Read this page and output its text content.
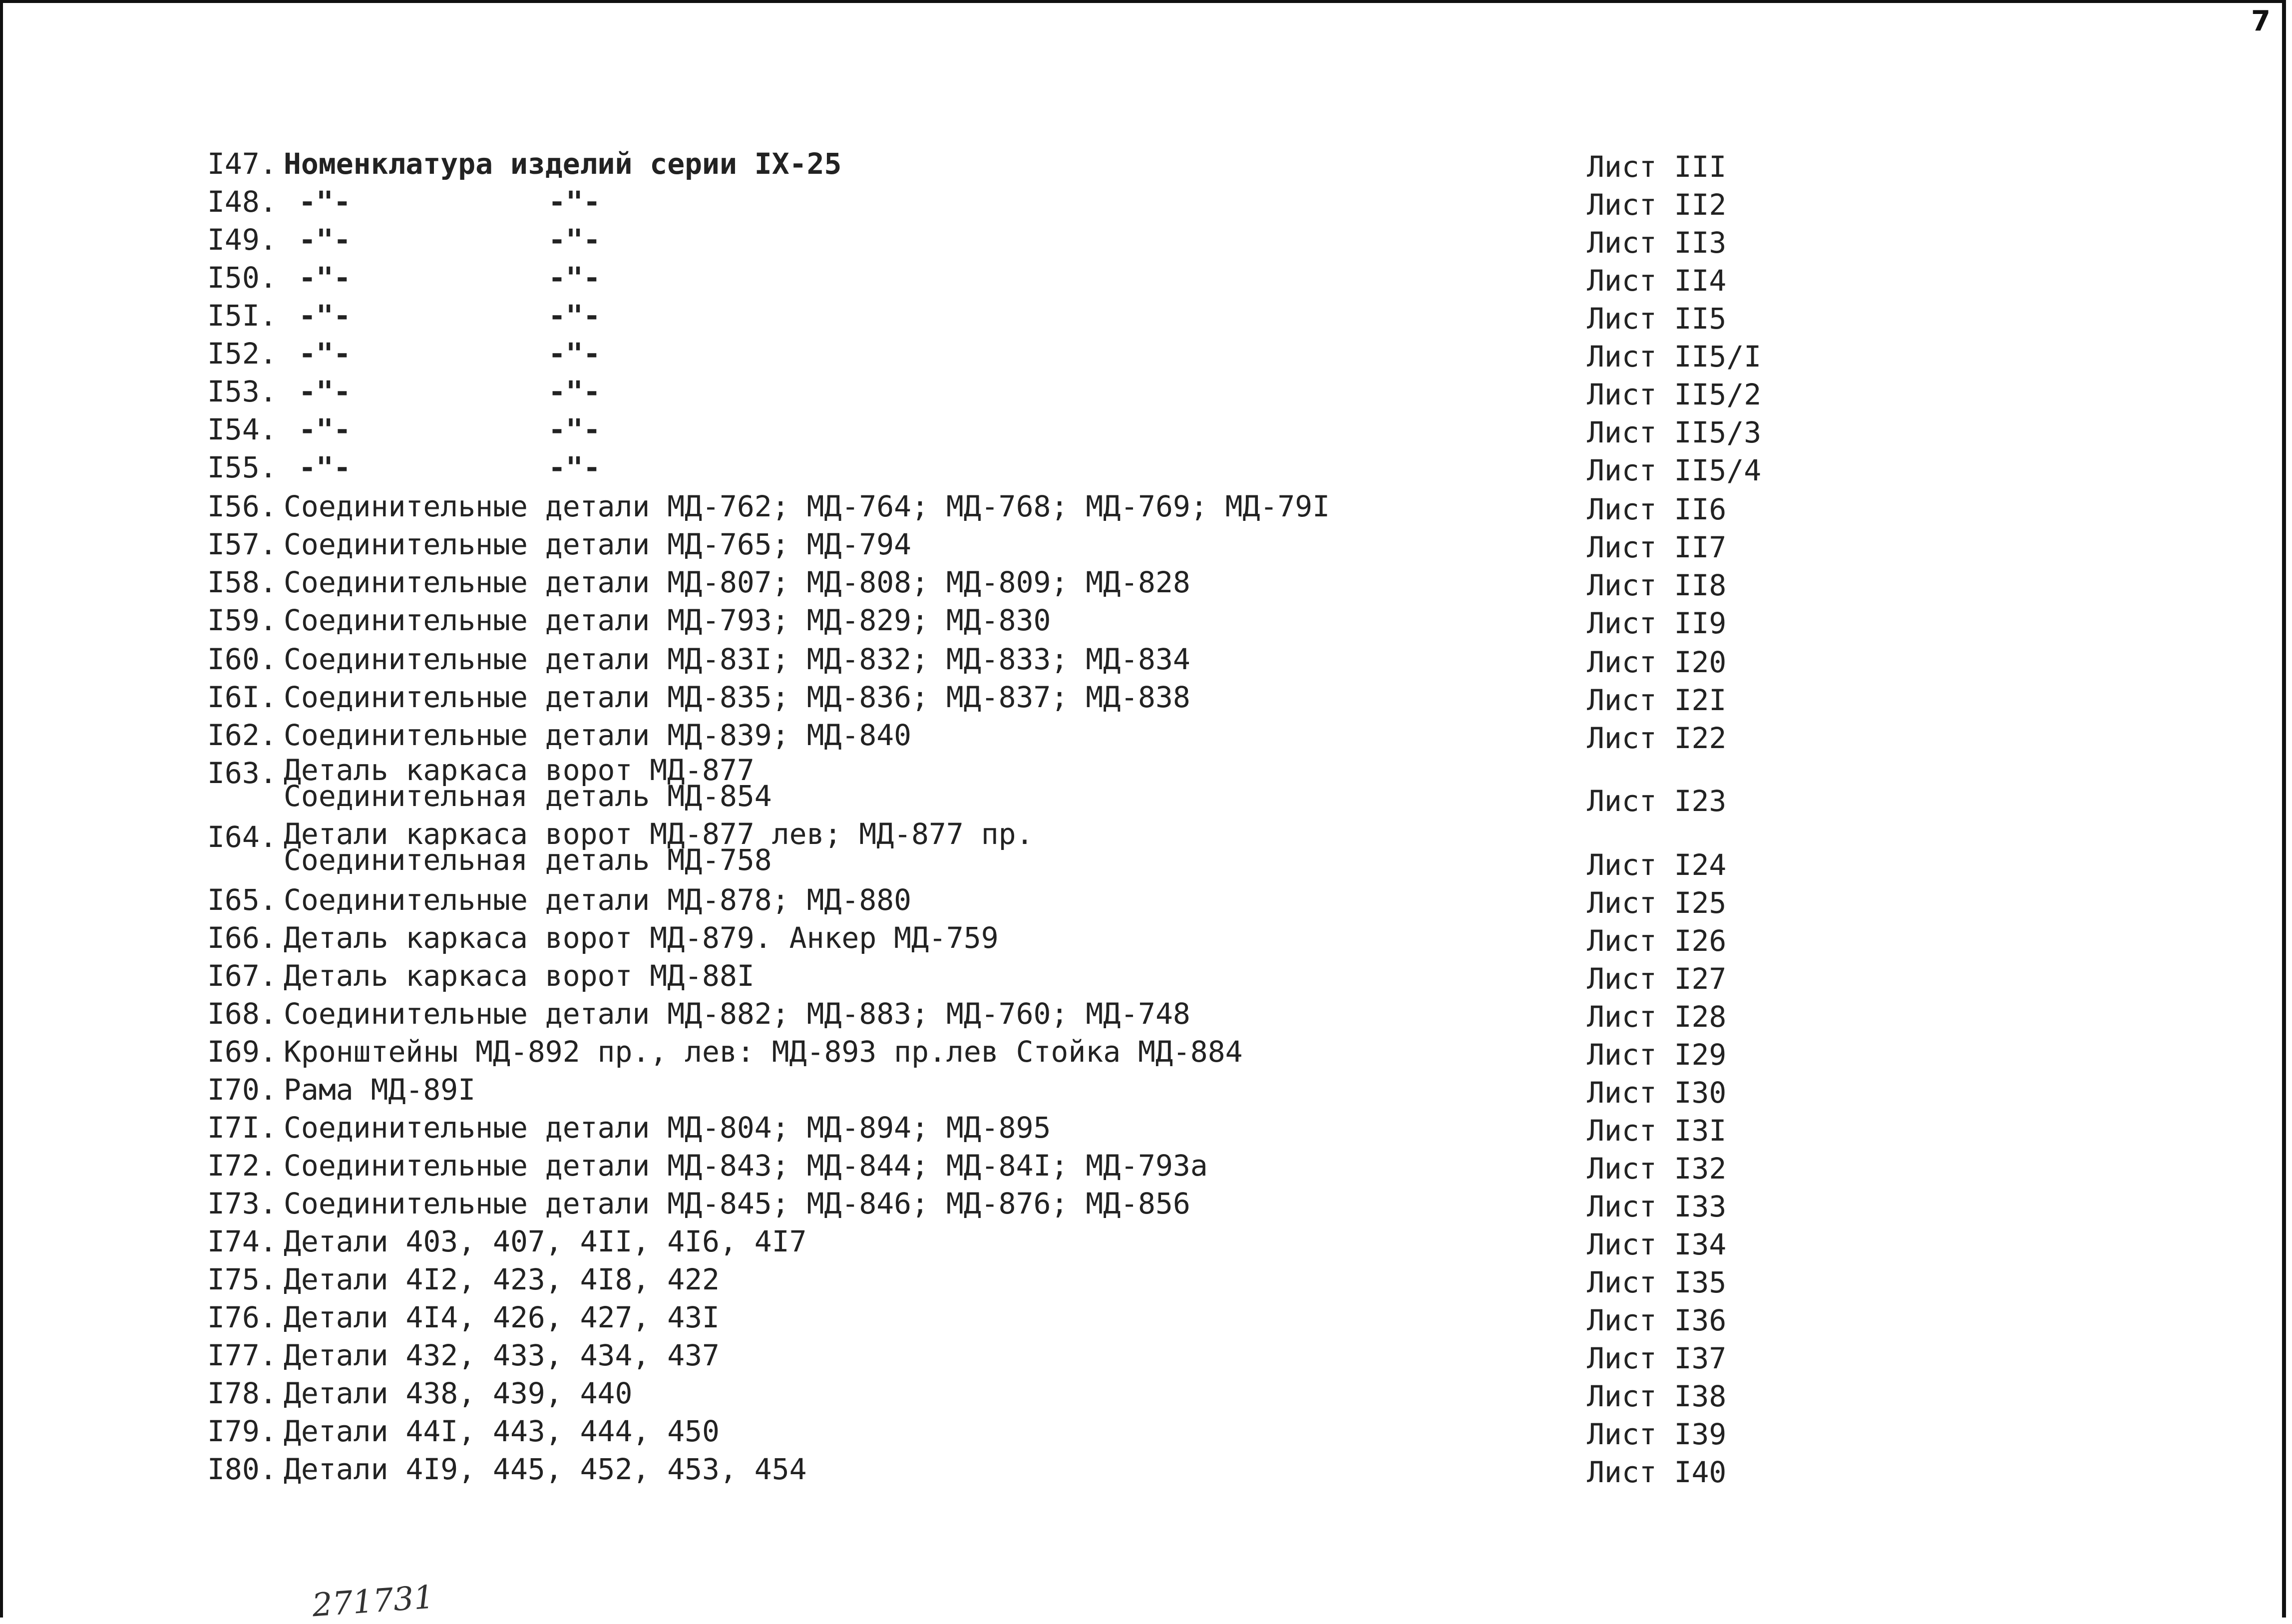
7
I47. Номенклатура изделий серии IX-25	Лист III
I48. -"-	-"-	Лист II2
I49. -"-	-"-	Лист II3
I50. -"-	-"-	Лист II4
I5I. -"-	-"-	Лист II5
I52. -"-	-"-	Лист II5/I
I53. -"-	-"-	Лист II5/2
I54. -"-	-"-	Лист II5/3
I55. -"-	-"-	Лист II5/4
I56. Соединительные детали МД-762; МД-764; МД-768; МД-769; МД-79I	Лист II6
I57. Соединительные детали МД-765; МД-794	Лист II7
I58. Соединительные детали МД-807; МД-808; МД-809; МД-828	Лист II8
I59. Соединительные детали МД-793; МД-829; МД-830	Лист II9
I60. Соединительные детали МД-83I; МД-832; МД-833; МД-834	Лист I20
I6I. Соединительные детали МД-835; МД-836; МД-837; МД-838	Лист I2I
I62. Соединительные детали МД-839; МД-840	Лист I22
I63. Деталь каркаса ворот МД-877
Соединительная деталь МД-854	Лист I23
I64. Детали каркаса ворот МД-877 лев; МД-877 пр.
Соединительная деталь МД-758	Лист I24
I65. Соединительные детали МД-878; МД-880	Лист I25
I66. Деталь каркаса ворот МД-879. Анкер МД-759	Лист I26
I67. Деталь каркаса ворот МД-88I	Лист I27
I68. Соединительные детали МД-882; МД-883; МД-760; МД-748	Лист I28
I69. Кронштейны МД-892 пр., лев: МД-893 пр.лев Стойка МД-884	Лист I29
I70. Рама МД-89I	Лист I30
I7I. Соединительные детали МД-804; МД-894; МД-895	Лист I3I
I72. Соединительные детали МД-843; МД-844; МД-84I; МД-793а	Лист I32
I73. Соединительные детали МД-845; МД-846; МД-876; МД-856	Лист I33
I74. Детали 403, 407, 4II, 4I6, 4I7	Лист I34
I75. Детали 4I2, 423, 4I8, 422	Лист I35
I76. Детали 4I4, 426, 427, 43I	Лист I36
I77. Детали 432, 433, 434, 437	Лист I37
I78. Детали 438, 439, 440	Лист I38
I79. Детали 44I, 443, 444, 450	Лист I39
I80. Детали 4I9, 445, 452, 453, 454	Лист I40
271731
